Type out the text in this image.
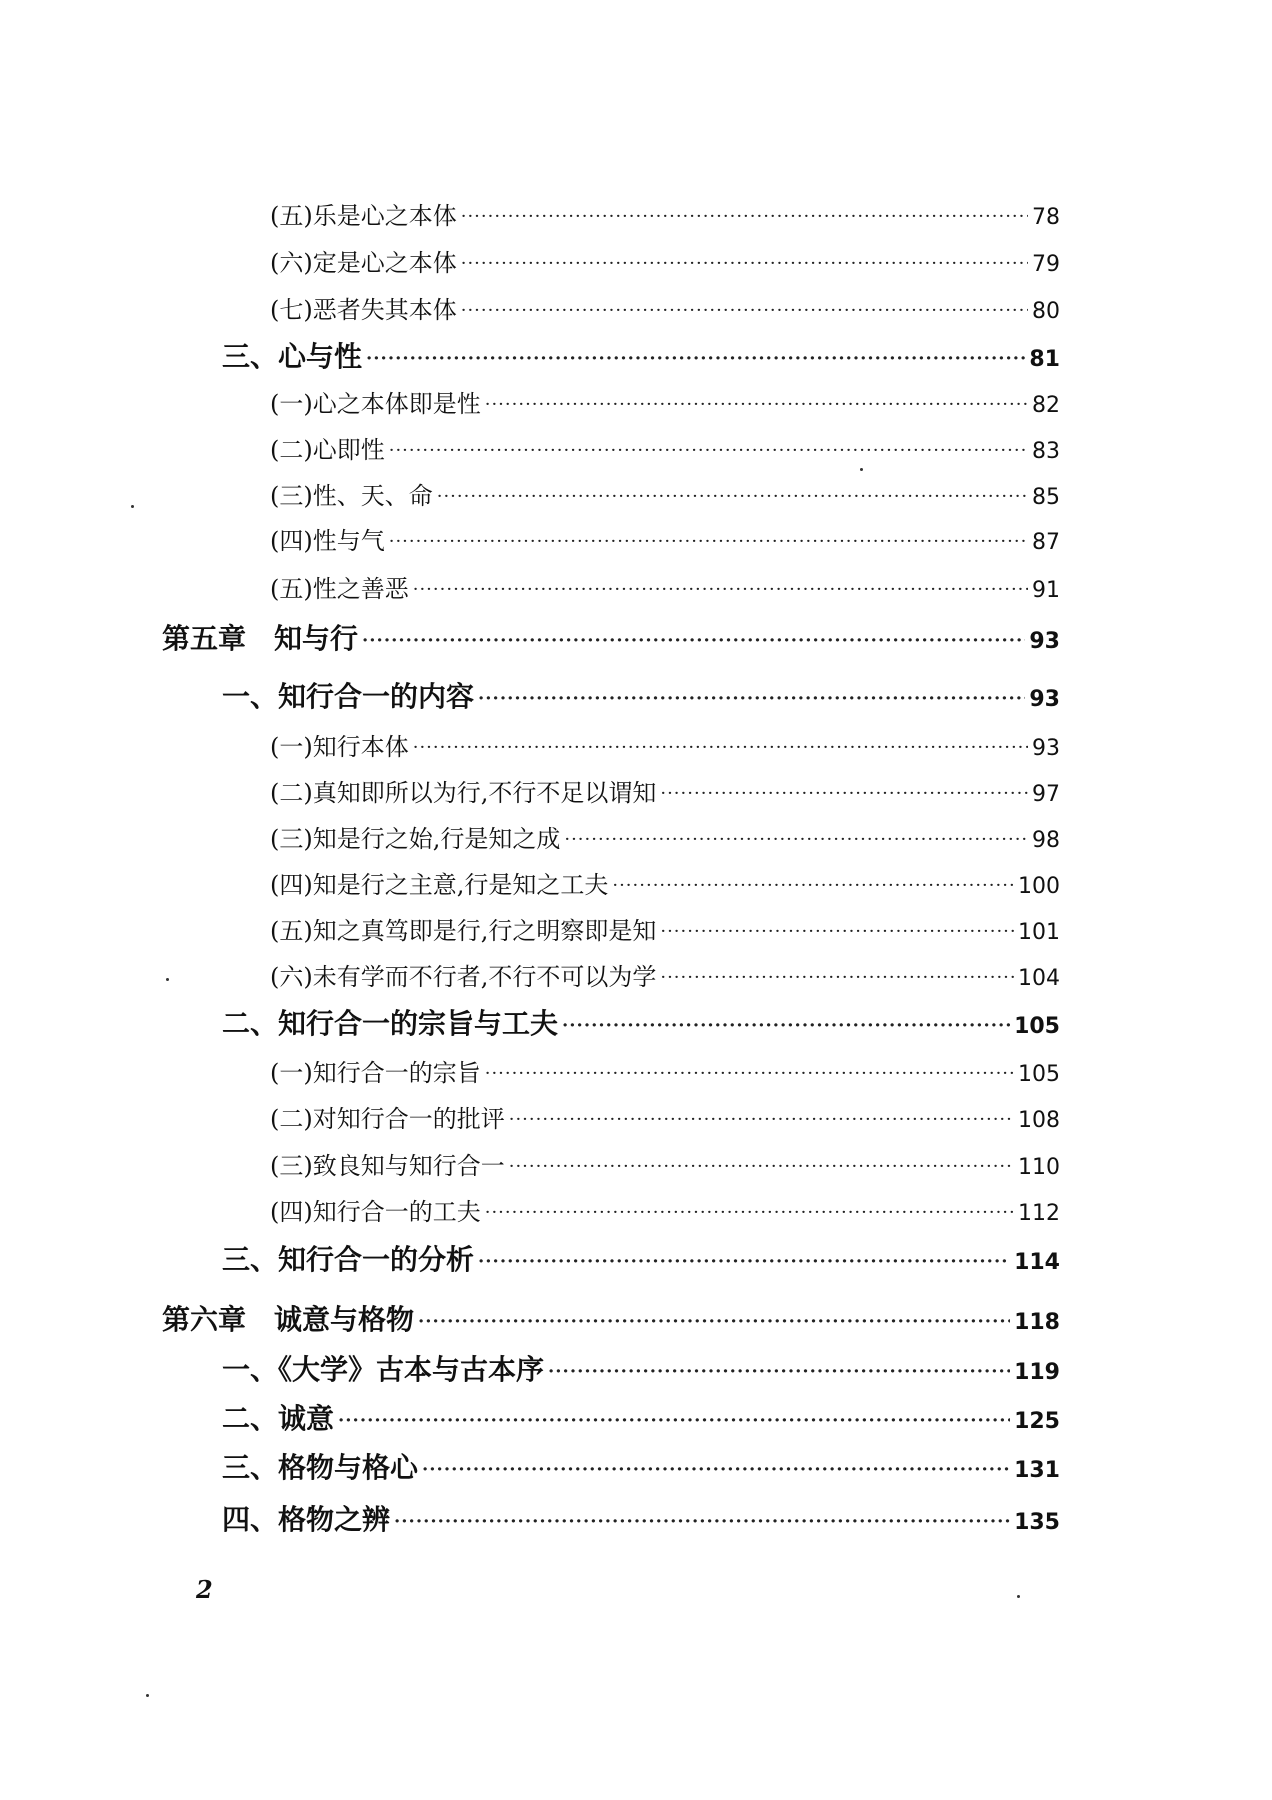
(五)乐是心之本体 ·····	78
(六)定是心之本体 ·····	79
(七)恶者失其本体 ·····	80
三、心与性 ·····	81
(一)心之本体即是性 ·····	82
(二)心即性 ·····	83
(三)性、天、命 ·····	85
(四)性与气 ·····	87
(五)性之善恶 ·····	91
第五章　知与行 ·····	93
一、知行合一的内容 ·····	93
(一)知行本体 ·····	93
(二)真知即所以为行,不行不足以谓知 ·····	97
(三)知是行之始,行是知之成 ·····	98
(四)知是行之主意,行是知之工夫 ·····	100
(五)知之真笃即是行,行之明察即是知 ·····	101
(六)未有学而不行者,不行不可以为学 ·····	104
二、知行合一的宗旨与工夫 ·····	105
(一)知行合一的宗旨 ·····	105
(二)对知行合一的批评 ·····	108
(三)致良知与知行合一 ·····	110
(四)知行合一的工夫 ·····	112
三、知行合一的分析 ·····	114
第六章　诚意与格物 ·····	118
一、《大学》古本与古本序 ·····	119
二、诚意 ·····	125
三、格物与格心 ·····	131
四、格物之辨 ·····	135
2
